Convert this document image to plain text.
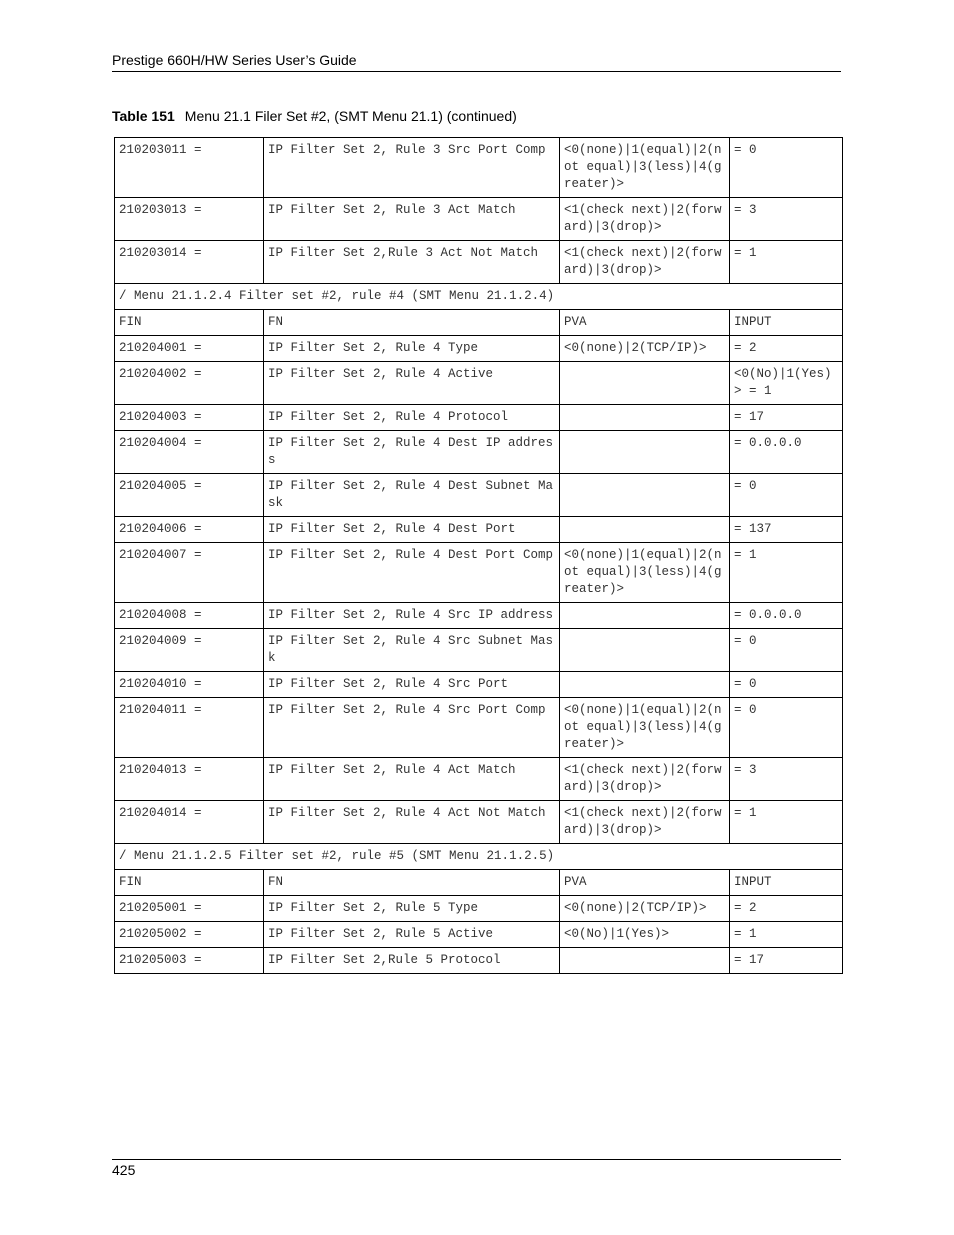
Prestige 660H/HW Series User’s Guide
Table 151 Menu 21.1 Filer Set #2, (SMT Menu 21.1) (continued)
210203011 =	IP Filter Set 2, Rule 3 Src Port Comp	<0(none)|1(equal)|2(not equal)|3(less)|4(greater)>	= 0
210203013 =	IP Filter Set 2, Rule 3 Act Match	<1(check next)|2(forward)|3(drop)>	= 3
210203014 =	IP Filter Set 2,Rule 3 Act Not Match	<1(check next)|2(forward)|3(drop)>	= 1
/ Menu 21.1.2.4 Filter set #2, rule #4 (SMT Menu 21.1.2.4)			
FIN	FN	PVA	INPUT
210204001 =	IP Filter Set 2, Rule 4 Type	<0(none)|2(TCP/IP)>	= 2
210204002 =	IP Filter Set 2, Rule 4 Active		<0(No)|1(Yes)> = 1
210204003 =	IP Filter Set 2, Rule 4 Protocol		= 17
210204004 =	IP Filter Set 2, Rule 4 Dest IP address		= 0.0.0.0
210204005 =	IP Filter Set 2, Rule 4 Dest Subnet Mask		= 0
210204006 =	IP Filter Set 2, Rule 4 Dest Port		= 137
210204007 =	IP Filter Set 2, Rule 4 Dest Port Comp	<0(none)|1(equal)|2(not equal)|3(less)|4(greater)>	= 1
210204008 =	IP Filter Set 2, Rule 4 Src IP address		= 0.0.0.0
210204009 =	IP Filter Set 2, Rule 4 Src Subnet Mask		= 0
210204010 =	IP Filter Set 2, Rule 4 Src Port		= 0
210204011 =	IP Filter Set 2, Rule 4 Src Port Comp	<0(none)|1(equal)|2(not equal)|3(less)|4(greater)>	= 0
210204013 =	IP Filter Set 2, Rule 4 Act Match	<1(check next)|2(forward)|3(drop)>	= 3
210204014 =	IP Filter Set 2, Rule 4 Act Not Match	<1(check next)|2(forward)|3(drop)>	= 1
/ Menu 21.1.2.5 Filter set #2, rule #5 (SMT Menu 21.1.2.5)			
FIN	FN	PVA	INPUT
210205001 =	IP Filter Set 2, Rule 5 Type	<0(none)|2(TCP/IP)>	= 2
210205002 =	IP Filter Set 2, Rule 5 Active	<0(No)|1(Yes)>	= 1
210205003 =	IP Filter Set 2,Rule 5 Protocol		= 17
425
